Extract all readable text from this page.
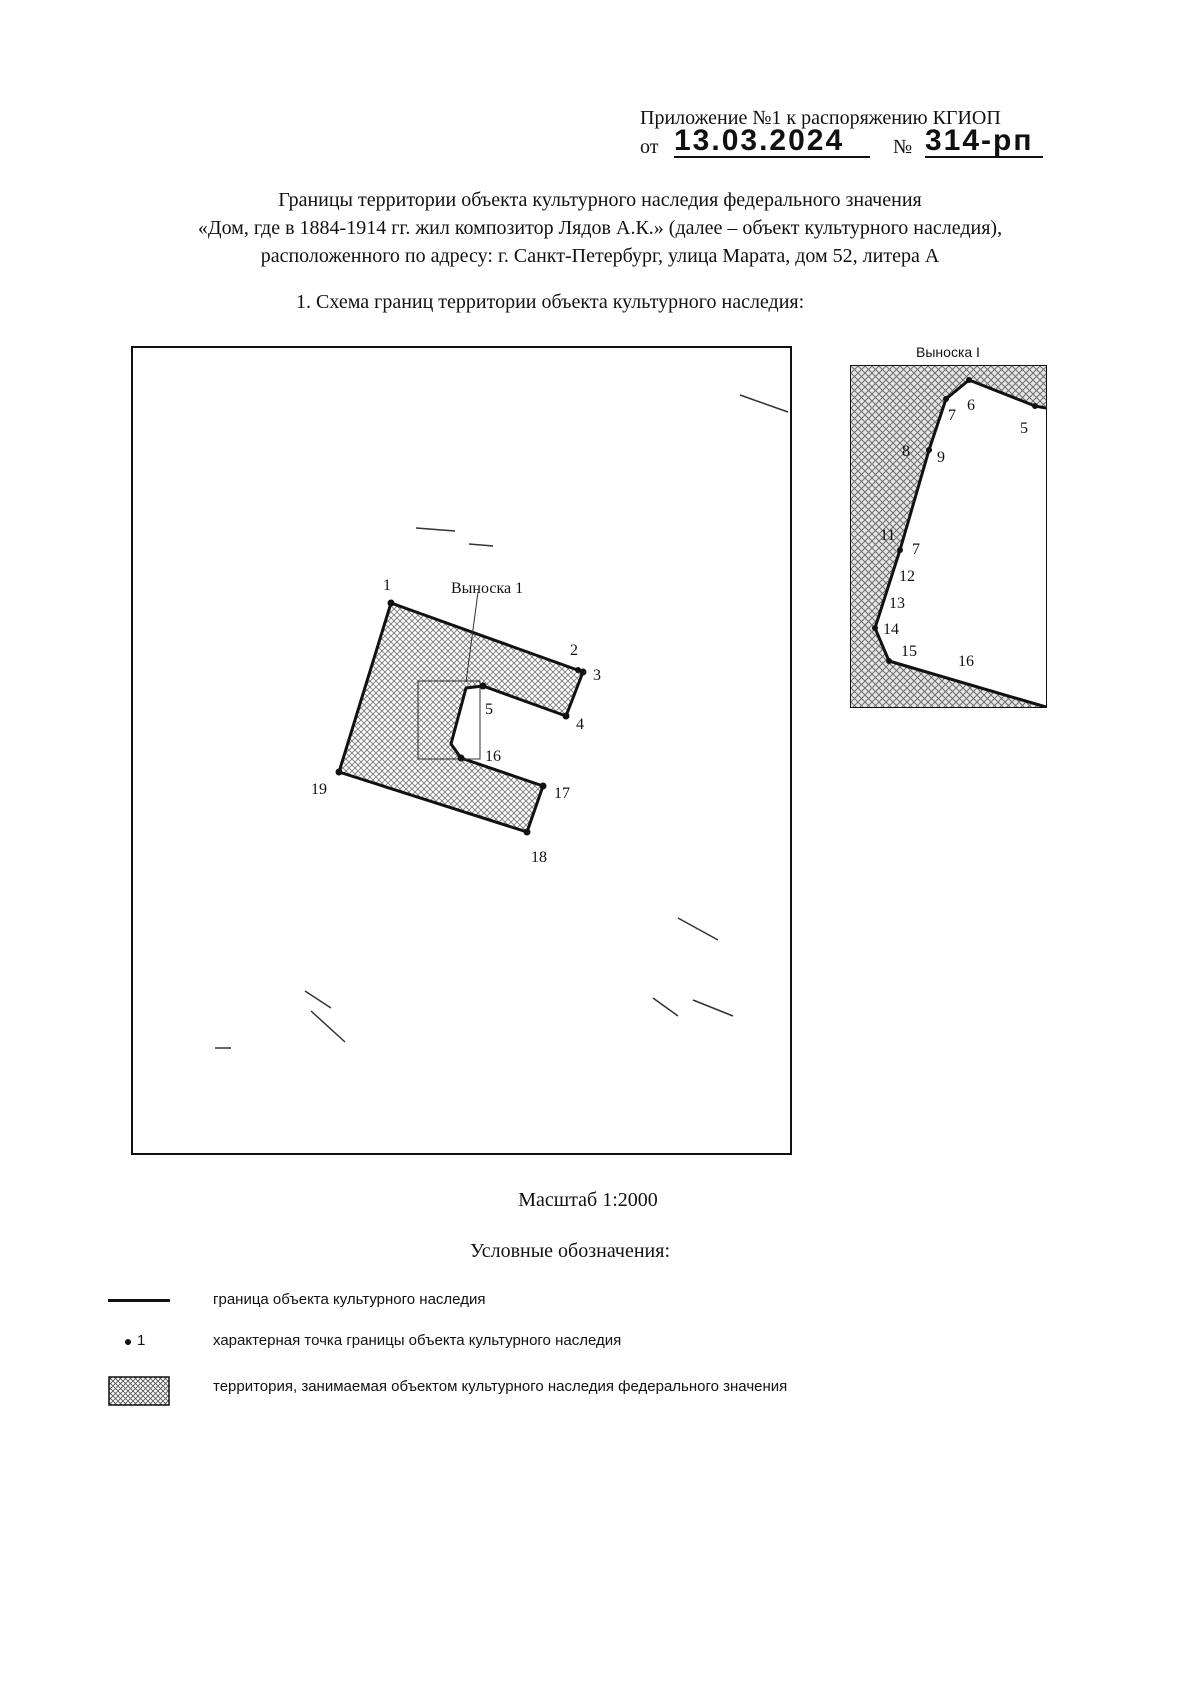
Приложение №1 к распоряжению КГИОП
от 13.03.2024	№ 314-рп
Границы территории объекта культурного наследия федерального значения
«Дом, где в 1884-1914 гг. жил композитор Лядов А.К.» (далее – объект культурного наследия),
расположенного по адресу: г. Санкт-Петербург, улица Марата, дом 52, литера А
1. Схема границ территории объекта культурного наследия:
Выноска 1
1
2
3
4
5
16
17
18
19
Выноска I
6
7
5
8 9
11
7
12
13
14
15
16
Масштаб 1:2000
Условные обозначения:
граница объекта культурного наследия
1	характерная точка границы объекта культурного наследия
территория, занимаемая объектом культурного наследия федерального значения
